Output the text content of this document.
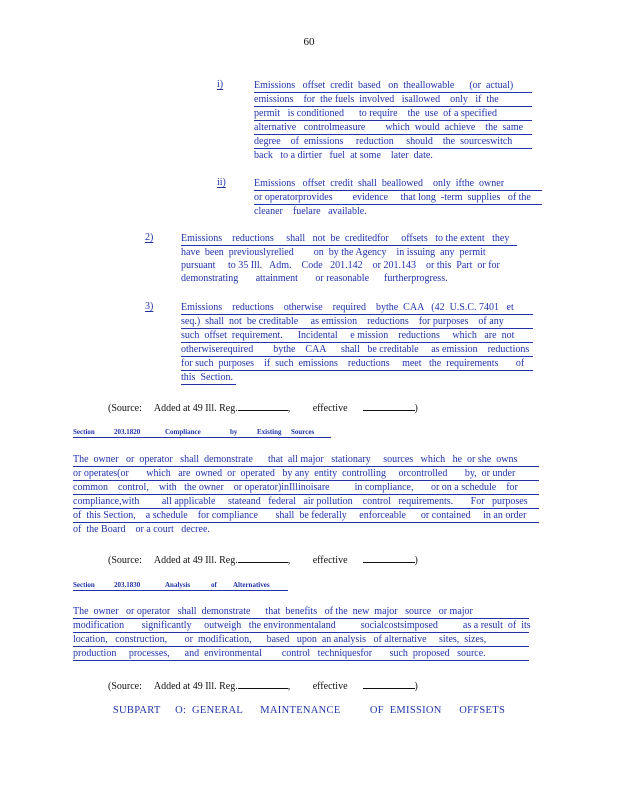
60
i)	Emissions   offset  credit  based   on  theallowable      (or  actual)
emissions    for  the fuels  involved   isallowed    only   if  the
permit   is conditioned      to require    the  use  of a specified
alternative   controlmeasure        which  would  achieve    the  same
degree    of  emissions     reduction     should    the  sourceswitch
back   to a dirtier   fuel  at some    later  date.
ii)	Emissions   offset  credit  shall  beallowed    only  ifthe  owner
or operatorprovides        evidence     that long  -term  supplies   of the
cleaner    fuelare   available.
2)	Emissions    reductions     shall   not  be  creditedfor     offsets   to the extent   they
have  been  previouslyrelied        on  by the Agency    in issuing  any  permit
pursuant     to 35 Ill.   Adm.    Code   201.142    or 201.143    or this  Part  or for
demonstrating       attainment       or reasonable      furtherprogress.
3)	Emissions    reductions    otherwise    required    bythe  CAA   (42  U.S.C. 7401   et
seq.)  shall  not  be creditable     as emission    reductions    for purposes    of any
such  offset  requirement.      Incidental     e mission    reductions     which   are  not
otherwiserequired        bythe    CAA      shall   be creditable     as emission    reductions
for such  purposes    if  such  emissions    reductions     meet   the  requirements       of
this  Section.
(Source: Added at 49 Ill. Reg.	,         effective	)
Section	203.1820	Compliance	by	Existing Sources

The  owner   or  operator   shall  demonstrate      that  all major   stationary     sources   which   he  or she  owns
or operates(or       which   are  owned  or  operated   by any  entity  controlling     orcontrolled       by,  or under
common    control,    with   the owner    or operator)inIllinoisare          in compliance,       or on a schedule    for
compliance,with         all applicable     stateand   federal   air pollution    control   requirements.       For   purposes
of  this Section,    a schedule    for compliance       shall  be federally     enforceable      or contained     in an order
of  the Board    or a court   decree.
(Source: Added at 49 Ill. Reg.	,         effective	)
Section	203.1830	Analysis	of Alternatives

The  owner   or operator   shall  demonstrate      that  benefits   of the  new  major   source   or major
modification       significantly     outweigh   the environmentaland          socialcostsimposed          as a result  of  its
location,   construction,       or  modification,      based   upon  an analysis   of alternative     sites,  sizes,
production     processes,      and  environmental        control   techniquesfor       such  proposed   source.
(Source: Added at 49 Ill. Reg.	,         effective	)
SUBPART     O:  GENERAL      MAINTENANCE          OF  EMISSION      OFFSETS
